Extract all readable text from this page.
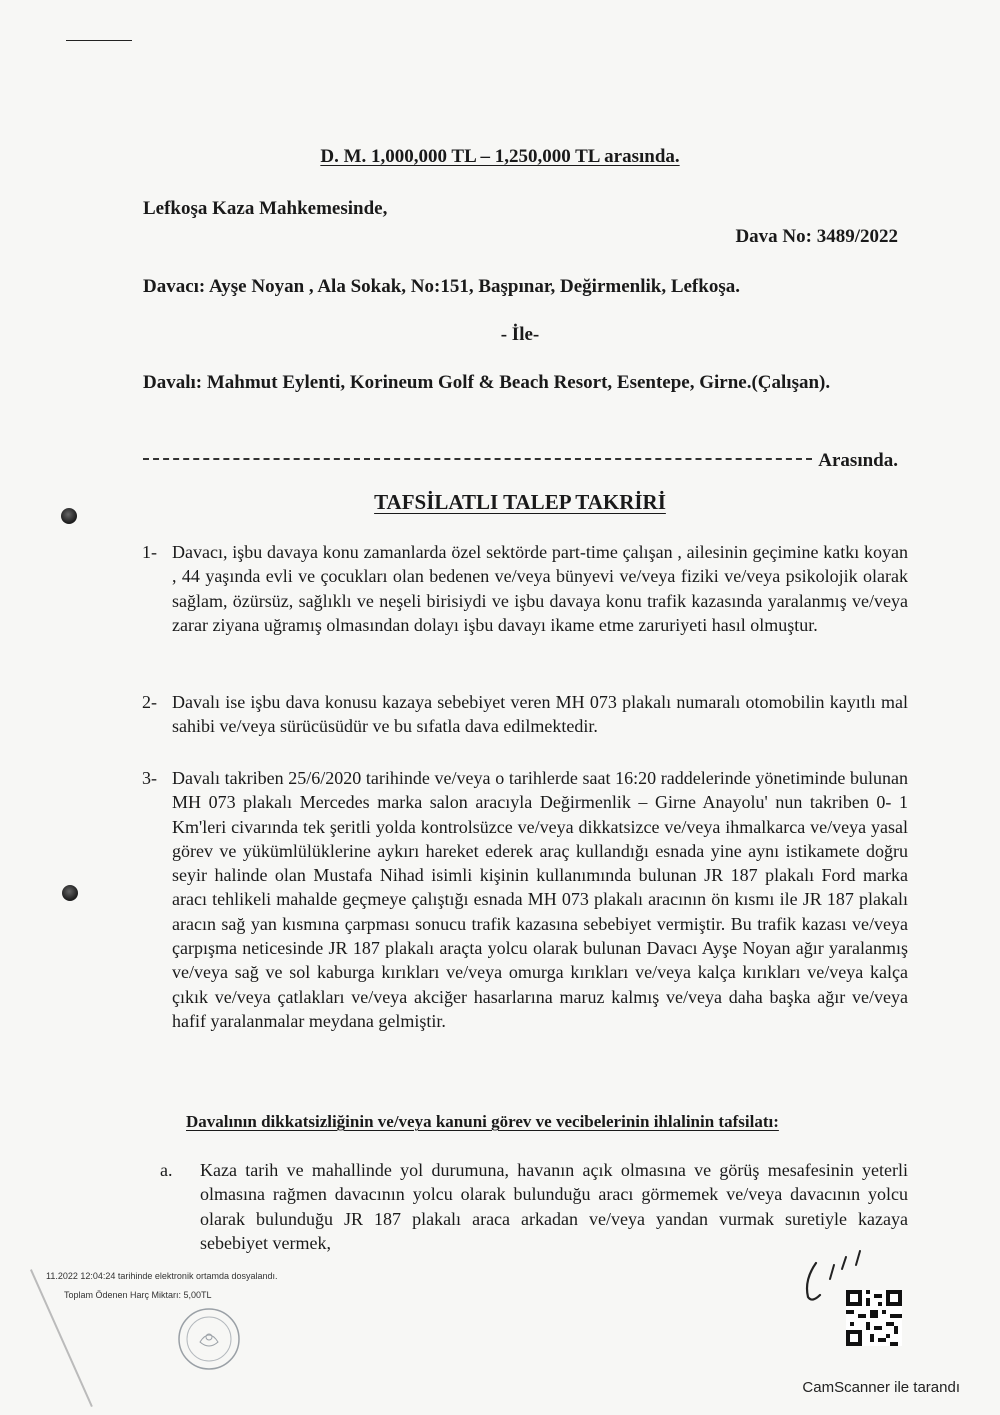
D. M. 1,000,000 TL – 1,250,000 TL arasında.
Lefkoşa Kaza Mahkemesinde,
Dava No: 3489/2022
Davacı: Ayşe Noyan , Ala Sokak, No:151, Başpınar, Değirmenlik, Lefkoşa.
- İle-
Davalı: Mahmut Eylenti, Korineum Golf & Beach Resort, Esentepe, Girne.(Çalışan).
Arasında.
TAFSİLATLI TALEP TAKRİRİ
1- Davacı, işbu davaya konu zamanlarda özel sektörde part-time çalışan , ailesinin geçimine katkı koyan , 44 yaşında evli ve çocukları olan bedenen ve/veya bünyevi ve/veya fiziki ve/veya psikolojik olarak sağlam, özürsüz, sağlıklı ve neşeli birisiydi ve işbu davaya konu trafik kazasında yaralanmış ve/veya zarar ziyana uğramış olmasından dolayı işbu davayı ikame etme zaruriyeti hasıl olmuştur.
2- Davalı ise işbu dava konusu kazaya sebebiyet veren MH 073 plakalı numaralı otomobilin kayıtlı mal sahibi ve/veya sürücüsüdür ve bu sıfatla dava edilmektedir.
3- Davalı takriben 25/6/2020 tarihinde ve/veya o tarihlerde saat 16:20 raddelerinde yönetiminde bulunan MH 073 plakalı Mercedes marka salon aracıyla Değirmenlik – Girne Anayolu' nun takriben 0- 1 Km'leri civarında tek şeritli yolda kontrolsüzce ve/veya dikkatsizce ve/veya ihmalkarca ve/veya yasal görev ve yükümlülüklerine aykırı hareket ederek araç kullandığı esnada yine aynı istikamete doğru seyir halinde olan Mustafa Nihad isimli kişinin kullanımında bulunan JR 187 plakalı Ford marka aracı tehlikeli mahalde geçmeye çalıştığı esnada MH 073 plakalı aracının ön kısmı ile JR 187 plakalı aracın sağ yan kısmına çarpması sonucu trafik kazasına sebebiyet vermiştir. Bu trafik kazası ve/veya çarpışma neticesinde JR 187 plakalı araçta yolcu olarak bulunan Davacı Ayşe Noyan ağır yaralanmış ve/veya sağ ve sol kaburga kırıkları ve/veya omurga kırıkları ve/veya kalça kırıkları ve/veya kalça çıkık ve/veya çatlakları ve/veya akciğer hasarlarına maruz kalmış ve/veya daha başka ağır ve/veya hafif yaralanmalar meydana gelmiştir.
Davalının dikkatsizliğinin ve/veya kanuni görev ve vecibelerinin ihlalinin tafsilatı:
a. Kaza tarih ve mahallinde yol durumuna, havanın açık olmasına ve görüş mesafesinin yeterli olmasına rağmen davacının yolcu olarak bulunduğu aracı görmemek ve/veya davacının yolcu olarak bulunduğu JR 187 plakalı araca arkadan ve/veya yandan vurmak suretiyle kazaya sebebiyet vermek,
11.2022 12:04:24 tarihinde elektronik ortamda dosyalandı.
Toplam Ödenen Harç Miktarı: 5,00TL
CamScanner ile tarandı
